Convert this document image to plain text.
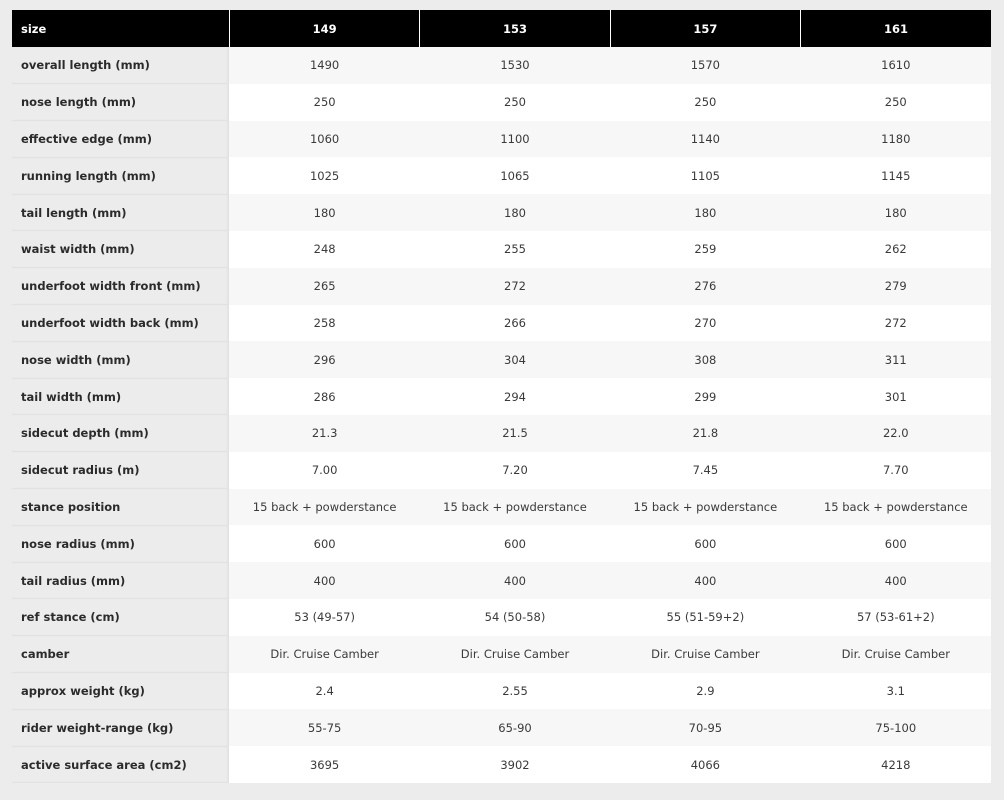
size	149	153	157	161
overall length (mm)	1490	1530	1570	1610
nose length (mm)	250	250	250	250
effective edge (mm)	1060	1100	1140	1180
running length (mm)	1025	1065	1105	1145
tail length (mm)	180	180	180	180
waist width (mm)	248	255	259	262
underfoot width front (mm)	265	272	276	279
underfoot width back (mm)	258	266	270	272
nose width (mm)	296	304	308	311
tail width (mm)	286	294	299	301
sidecut depth (mm)	21.3	21.5	21.8	22.0
sidecut radius (m)	7.00	7.20	7.45	7.70
stance position	15 back + powderstance	15 back + powderstance	15 back + powderstance	15 back + powderstance
nose radius (mm)	600	600	600	600
tail radius (mm)	400	400	400	400
ref stance (cm)	53 (49-57)	54 (50-58)	55 (51-59+2)	57 (53-61+2)
camber	Dir. Cruise Camber	Dir. Cruise Camber	Dir. Cruise Camber	Dir. Cruise Camber
approx weight (kg)	2.4	2.55	2.9	3.1
rider weight-range (kg)	55-75	65-90	70-95	75-100
active surface area (cm2)	3695	3902	4066	4218
